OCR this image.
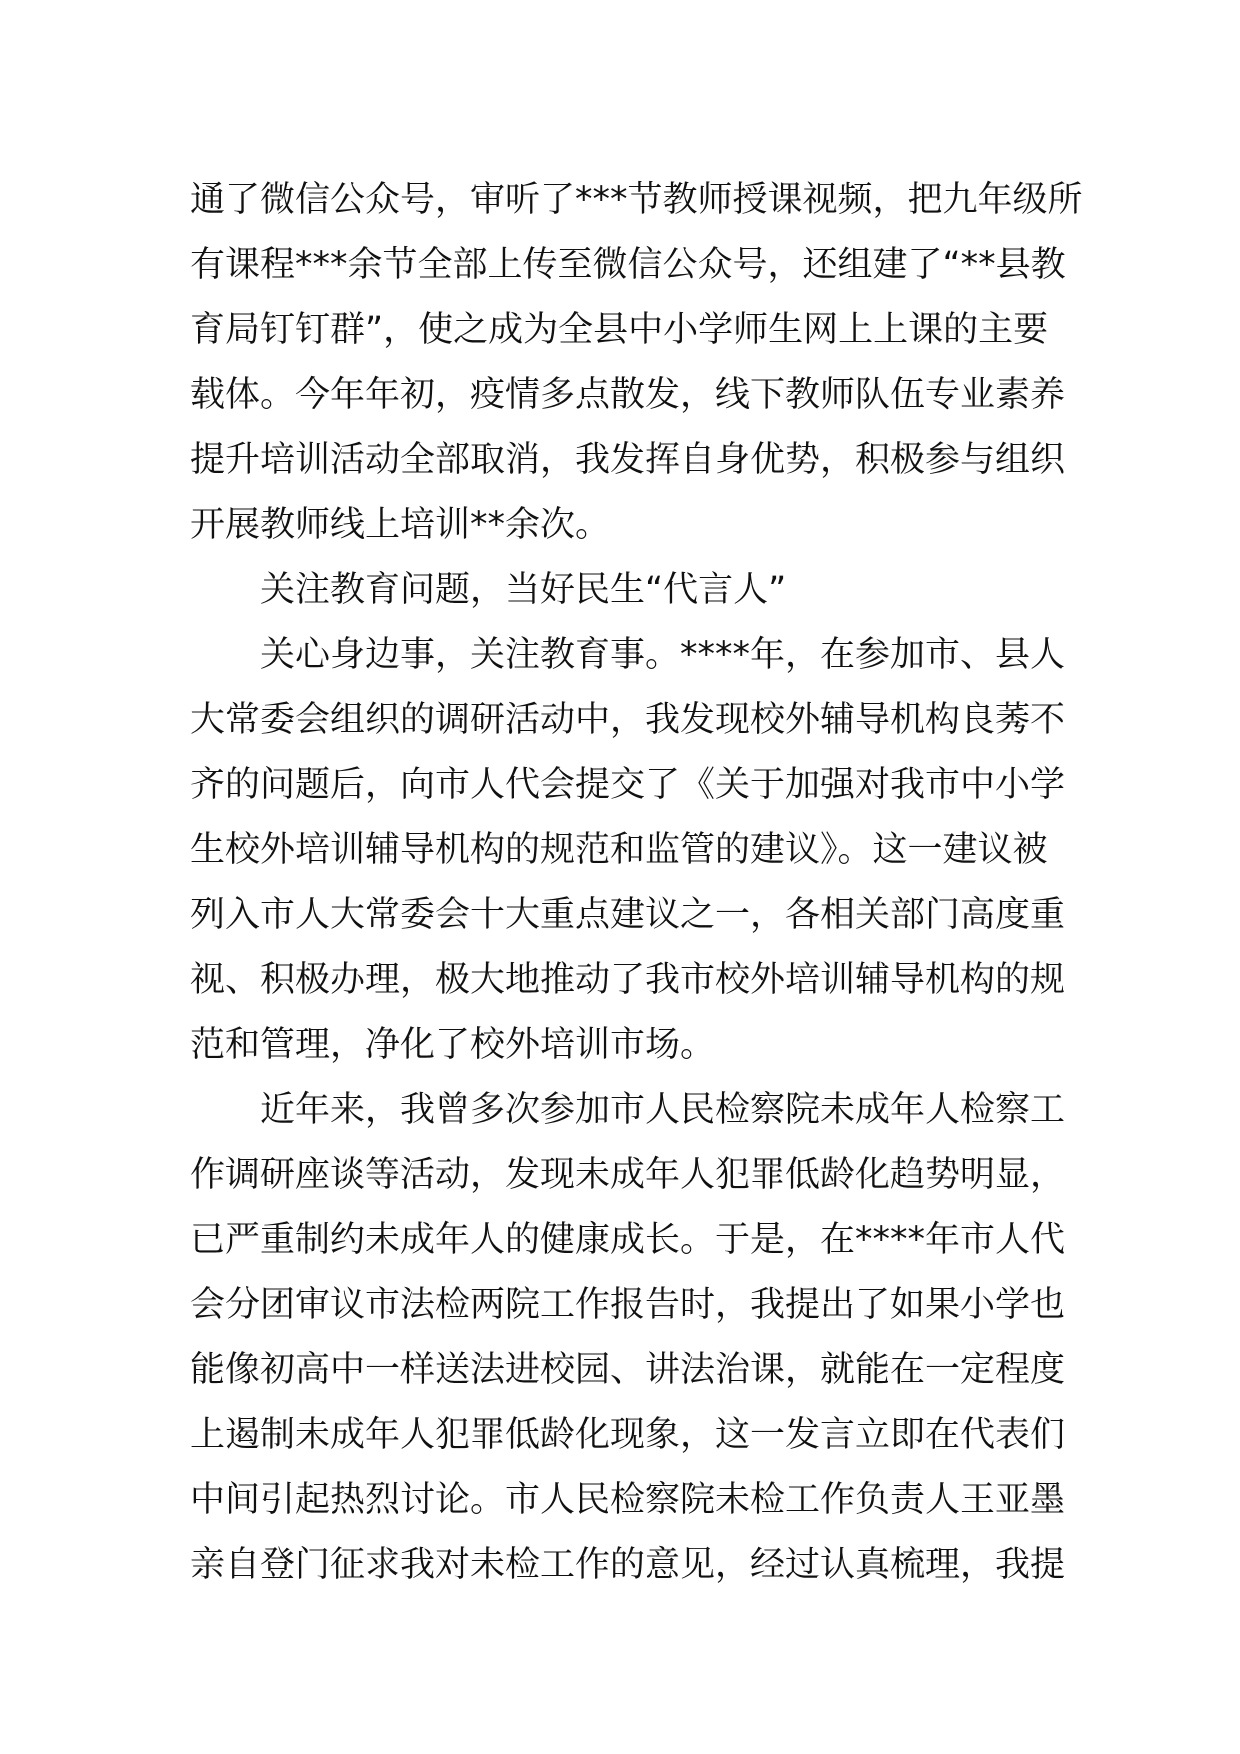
通了微信公众号，审听了***节教师授课视频，把九年级所
有课程***余节全部上传至微信公众号，还组建了“**县教
育局钉钉群”，使之成为全县中小学师生网上上课的主要
载体。今年年初，疫情多点散发，线下教师队伍专业素养
提升培训活动全部取消，我发挥自身优势，积极参与组织
开展教师线上培训**余次。
关注教育问题，当好民生“代言人”
关心身边事，关注教育事。****年，在参加市、县人
大常委会组织的调研活动中，我发现校外辅导机构良莠不
齐的问题后，向市人代会提交了《关于加强对我市中小学
生校外培训辅导机构的规范和监管的建议》。这一建议被
列入市人大常委会十大重点建议之一，各相关部门高度重
视、积极办理，极大地推动了我市校外培训辅导机构的规
范和管理，净化了校外培训市场。
近年来，我曾多次参加市人民检察院未成年人检察工
作调研座谈等活动，发现未成年人犯罪低龄化趋势明显，
已严重制约未成年人的健康成长。于是，在****年市人代
会分团审议市法检两院工作报告时，我提出了如果小学也
能像初高中一样送法进校园、讲法治课，就能在一定程度
上遏制未成年人犯罪低龄化现象，这一发言立即在代表们
中间引起热烈讨论。市人民检察院未检工作负责人王亚墨
亲自登门征求我对未检工作的意见，经过认真梳理，我提
